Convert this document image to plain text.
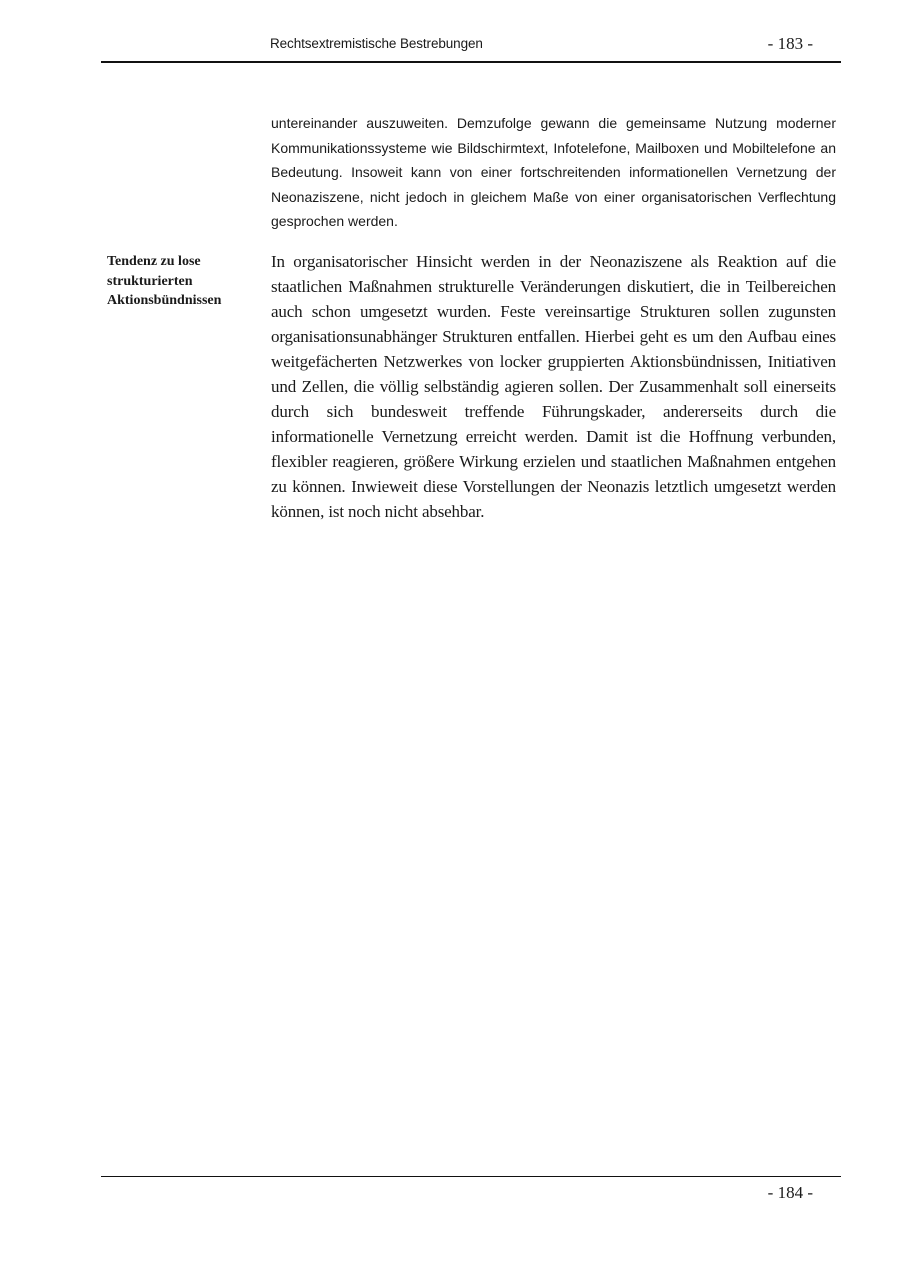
Rechtsextremistische Bestrebungen	- 183 -

untereinander auszuweiten. Demzufolge gewann die gemeinsame Nutzung moderner Kommunikationssysteme wie Bildschirmtext, Infotelefone, Mailboxen und Mobiltelefone an Bedeutung. Insoweit kann von einer fortschreitenden informationellen Vernetzung der Neonaziszene, nicht jedoch in gleichem Maße von einer organisatorischen Verflechtung gesprochen werden.

Tendenz zu lose strukturierten Aktionsbündnissen

In organisatorischer Hinsicht werden in der Neonaziszene als Reaktion auf die staatlichen Maßnahmen strukturelle Veränderungen diskutiert, die in Teilbereichen auch schon umgesetzt wurden. Feste vereinsartige Strukturen sollen zugunsten organisationsunabhänger Strukturen entfallen. Hierbei geht es um den Aufbau eines weitgefächerten Netzwerkes von locker gruppierten Aktionsbündnissen, Initiativen und Zellen, die völlig selbständig agieren sollen. Der Zusammenhalt soll einerseits durch sich bundesweit treffende Führungskader, andererseits durch die informationelle Vernetzung erreicht werden. Damit ist die Hoffnung verbunden, flexibler reagieren, größere Wirkung erzielen und staatlichen Maßnahmen entgehen zu können. Inwieweit diese Vorstellungen der Neonazis letztlich umgesetzt werden können, ist noch nicht absehbar.

- 184 -
